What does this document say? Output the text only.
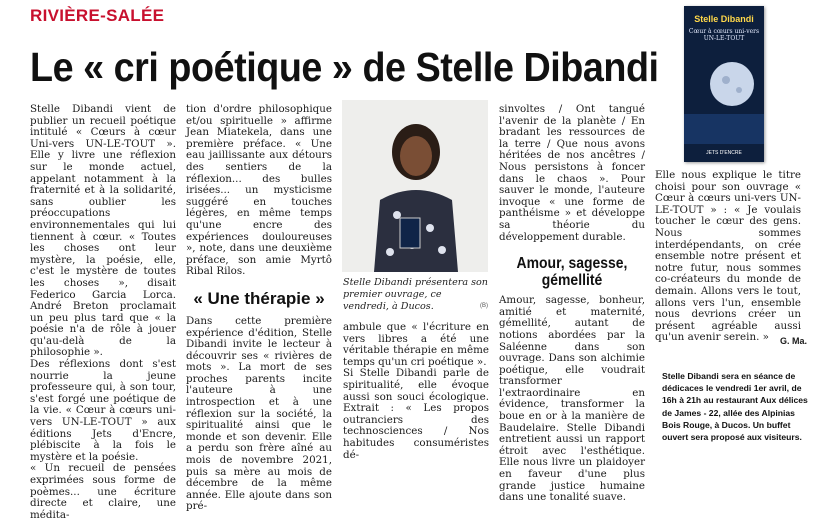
RIVIÈRE-SALÉE
Le « cri poétique » de Stelle Dibandi

Stelle Dibandi vient de publier un recueil poétique intitulé « Cœurs à cœur Uni-vers UN-LE-TOUT ». Elle y livre une réflexion sur le monde actuel, appelant notamment à la fraternité et à la solidarité, sans oublier les préoccupations environnementales qui lui tiennent à cœur. « Toutes les choses ont leur mystère, la poésie, elle, c'est le mystère de toutes les choses », disait Federico Garcia Lorca. André Breton proclamait un peu plus tard que « la poésie n'a de rôle à jouer qu'au-delà de la philosophie ».

Des réflexions dont s'est nourrie la jeune professeure qui, à son tour, s'est forgé une poétique de la vie. « Cœur à cœurs uni-vers UN-LE-TOUT » aux éditions Jets d'Encre, plébiscite à la fois le mystère et la poésie.

« Un recueil de pensées exprimées sous forme de poèmes... une écriture directe et claire, une médita-

tion d'ordre philosophique et/ou spirituelle » affirme Jean Miatekela, dans une première préface. « Une eau jaillissante aux détours des sentiers de la réflexion... des bulles irisées... un mysticisme suggéré en touches légères, en même temps qu'une encre des expériences douloureuses », note, dans une deuxième préface, son amie Myrtô Ribal Rilos.

« Une thérapie »

Dans cette première expérience d'édition, Stelle Dibandi invite le lecteur à découvrir ses « rivières de mots ». La mort de ses proches parents incite l'auteure à une introspection et à une réflexion sur la société, la spiritualité ainsi que le monde et son devenir. Elle a perdu son frère aîné au mois de novembre 2021, puis sa mère au mois de décembre de la même année. Elle ajoute dans son pré-

Stelle Dibandi présentera son premier ouvrage, ce vendredi, à Ducos.	(B)

ambule que « l'écriture en vers libres a été une véritable thérapie en même temps qu'un cri poétique ».

Si Stelle Dibandi parle de spiritualité, elle évoque aussi son souci écologique. Extrait : « Les propos outranciers des technosciences / Nos habitudes consuméristes dé-

sinvoltes / Ont tangué l'avenir de la planète / En bradant les ressources de la terre / Que nous avons héritées de nos ancêtres / Nous persistons à foncer dans le chaos ». Pour sauver le monde, l'auteure invoque « une forme de panthéisme » et développe sa théorie du développement durable.

Amour, sagesse, gémellité

Amour, sagesse, bonheur, amitié et maternité, gémellité, autant de notions abordées par la Saléenne dans son ouvrage. Dans son alchimie poétique, elle voudrait transformer l'extraordinaire en évidence, transformer la boue en or à la manière de Baudelaire. Stelle Dibandi entretient aussi un rapport étroit avec l'esthétique. Elle nous livre un plaidoyer en faveur d'une plus grande justice humaine dans une tonalité suave.

Stelle Dibandi
Cœur à cœurs uni-vers UN-LE-TOUT
JETS D'ENCRE

Elle nous explique le titre choisi pour son ouvrage « Cœur à cœurs uni-vers UN-LE-TOUT » : « Je voulais toucher le cœur des gens. Nous sommes interdépendants, on crée ensemble notre présent et notre futur, nous sommes co-créateurs du monde de demain. Allons vers le tout, allons vers l'un, ensemble nous devrions créer un présent agréable aussi qu'un avenir serein. »	G. Ma.
Stelle Dibandi sera en séance de dédicaces le vendredi 1er avril, de 16h à 21h au restaurant Aux délices de James - 22, allée des Alpinias Bois Rouge, à Ducos. Un buffet ouvert sera proposé aux visiteurs.
